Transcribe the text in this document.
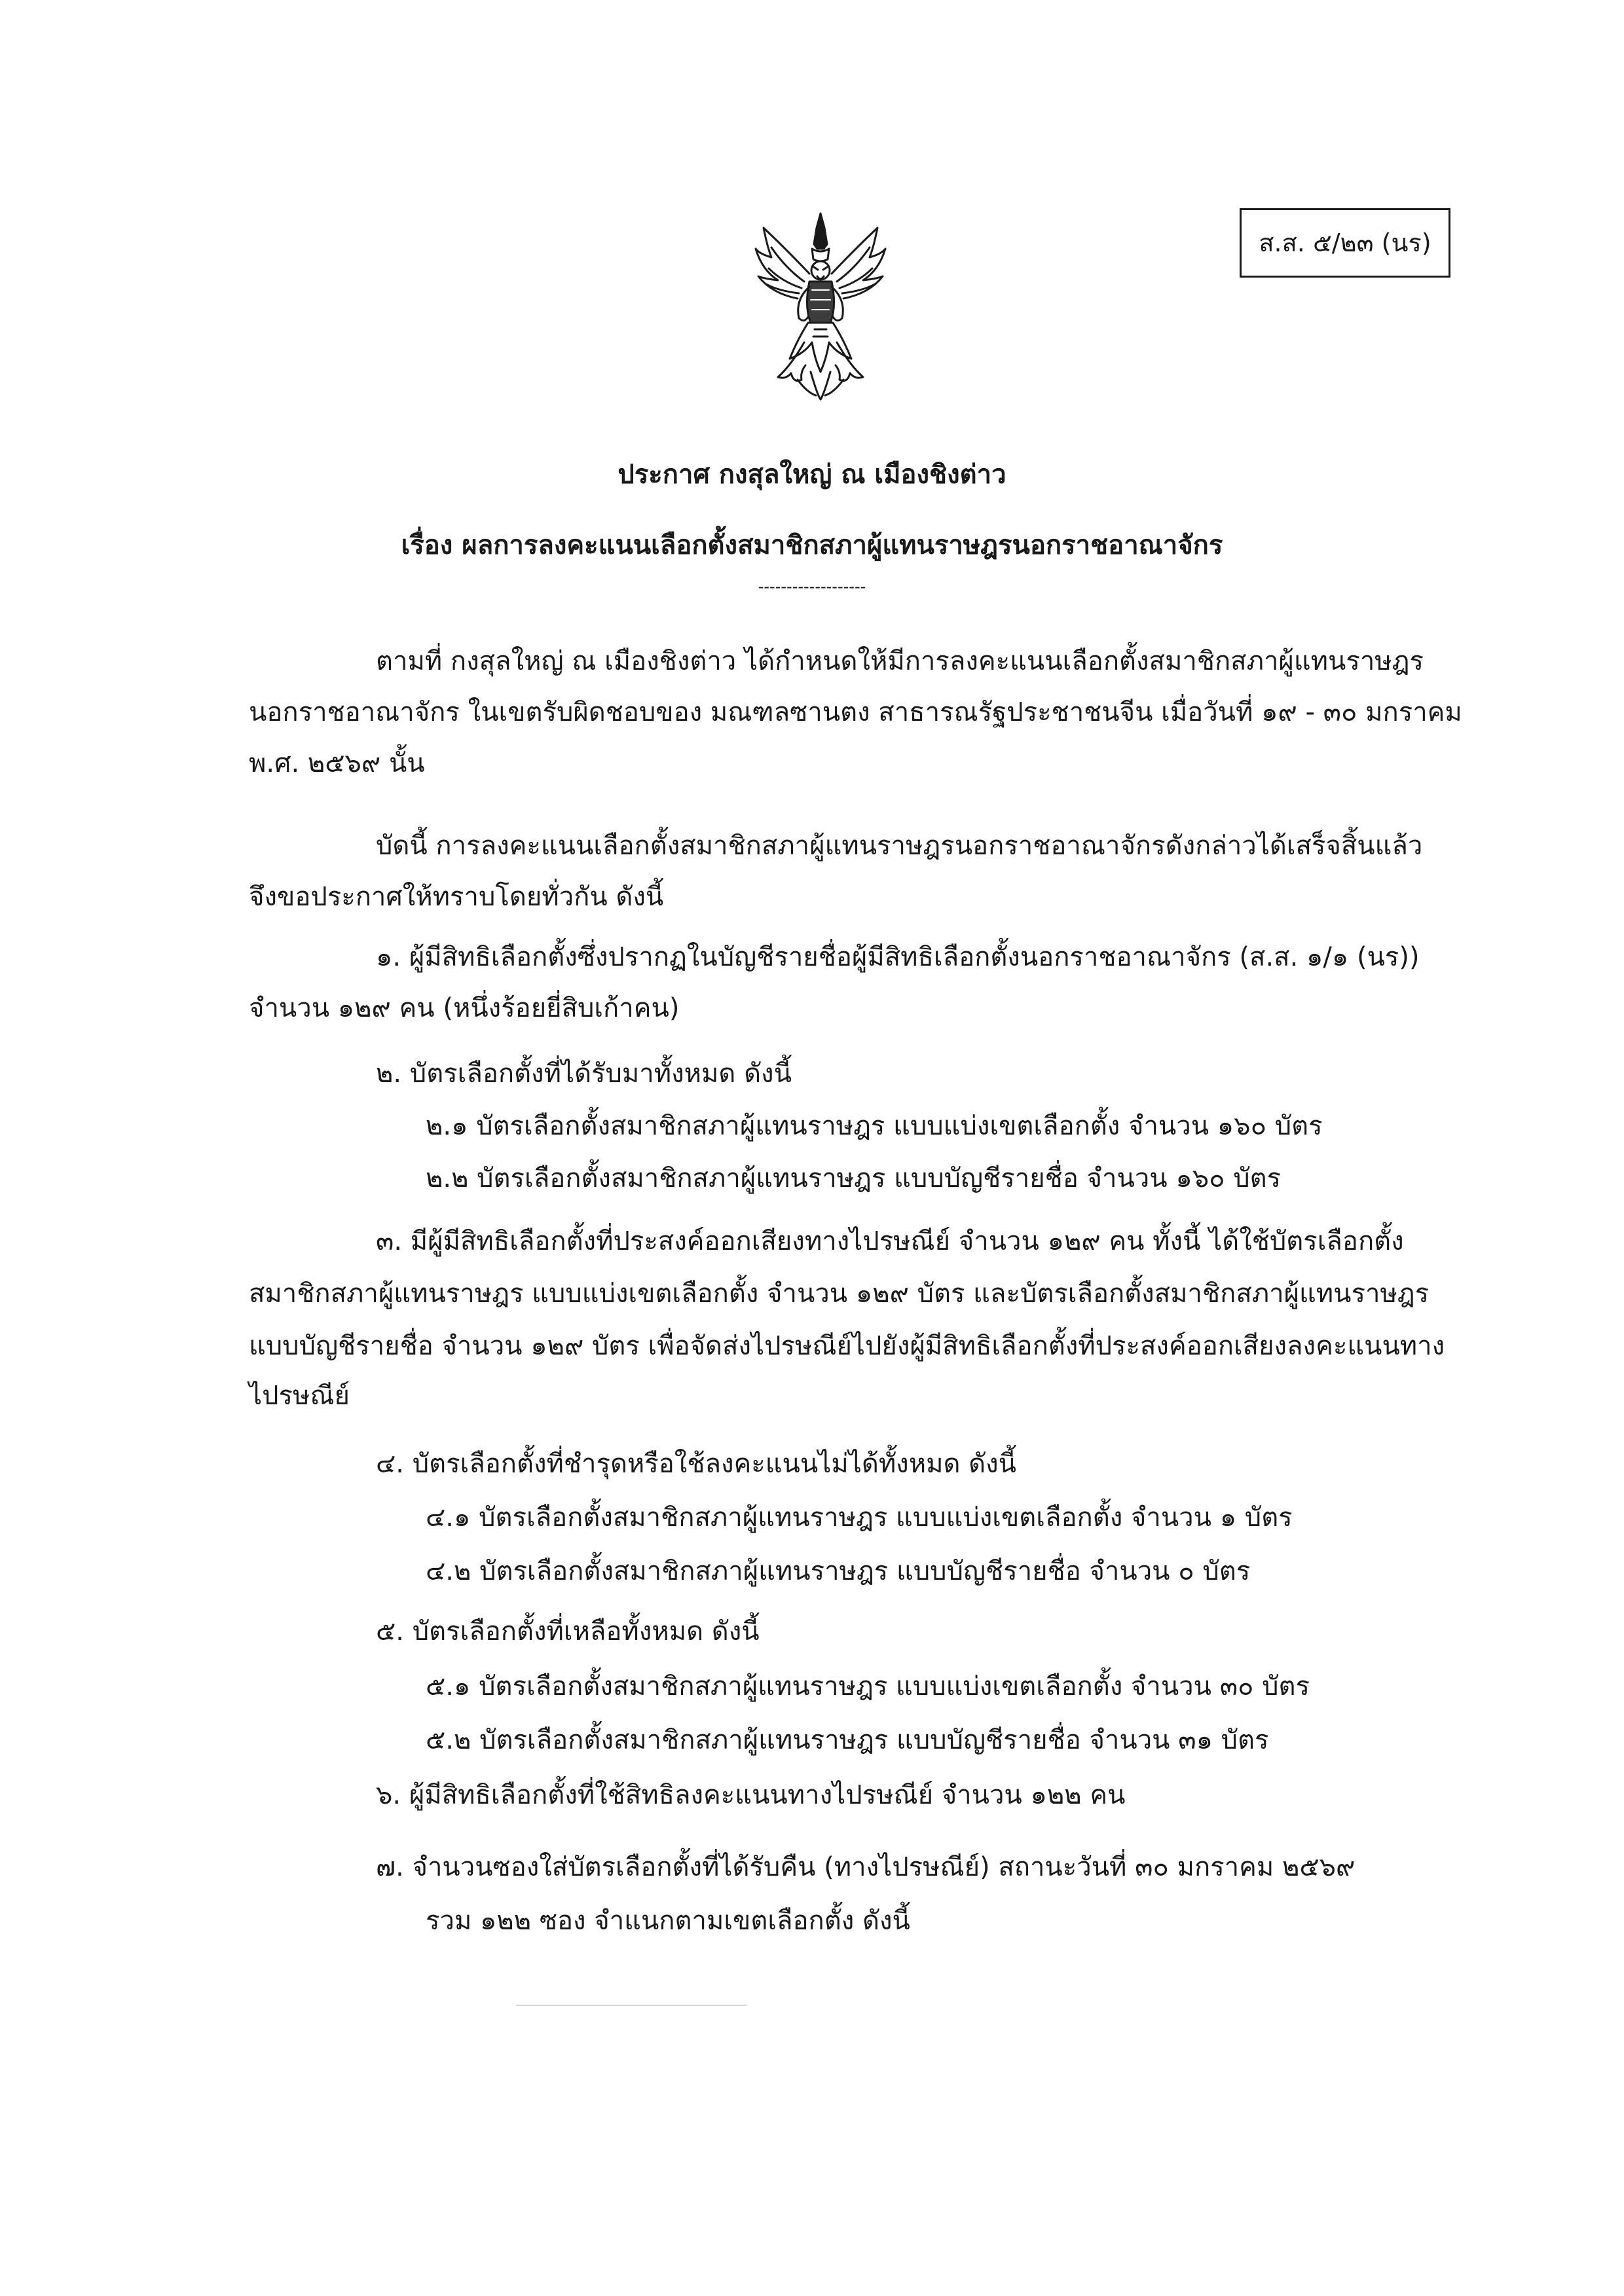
ส.ส. ๕/๒๓ (นร)
ประกาศ กงสุลใหญ่ ณ เมืองชิงต่าว
เรื่อง ผลการลงคะแนนเลือกตั้งสมาชิกสภาผู้แทนราษฎรนอกราชอาณาจักร
-------------------
ตามที่ กงสุลใหญ่ ณ เมืองชิงต่าว ได้กำหนดให้มีการลงคะแนนเลือกตั้งสมาชิกสภาผู้แทนราษฎร
นอกราชอาณาจักร ในเขตรับผิดชอบของ มณฑลซานตง สาธารณรัฐประชาชนจีน เมื่อวันที่ ๑๙ - ๓๐ มกราคม
พ.ศ. ๒๕๖๙ นั้น
บัดนี้ การลงคะแนนเลือกตั้งสมาชิกสภาผู้แทนราษฎรนอกราชอาณาจักรดังกล่าวได้เสร็จสิ้นแล้ว
จึงขอประกาศให้ทราบโดยทั่วกัน ดังนี้
๑. ผู้มีสิทธิเลือกตั้งซึ่งปรากฏในบัญชีรายชื่อผู้มีสิทธิเลือกตั้งนอกราชอาณาจักร (ส.ส. ๑/๑ (นร))
จำนวน ๑๒๙ คน (หนึ่งร้อยยี่สิบเก้าคน)
๒. บัตรเลือกตั้งที่ได้รับมาทั้งหมด ดังนี้
๒.๑ บัตรเลือกตั้งสมาชิกสภาผู้แทนราษฎร แบบแบ่งเขตเลือกตั้ง จำนวน ๑๖๐ บัตร
๒.๒ บัตรเลือกตั้งสมาชิกสภาผู้แทนราษฎร แบบบัญชีรายชื่อ จำนวน ๑๖๐ บัตร
๓. มีผู้มีสิทธิเลือกตั้งที่ประสงค์ออกเสียงทางไปรษณีย์ จำนวน ๑๒๙ คน ทั้งนี้ ได้ใช้บัตรเลือกตั้ง
สมาชิกสภาผู้แทนราษฎร แบบแบ่งเขตเลือกตั้ง จำนวน ๑๒๙ บัตร และบัตรเลือกตั้งสมาชิกสภาผู้แทนราษฎร
แบบบัญชีรายชื่อ จำนวน ๑๒๙ บัตร เพื่อจัดส่งไปรษณีย์ไปยังผู้มีสิทธิเลือกตั้งที่ประสงค์ออกเสียงลงคะแนนทาง
ไปรษณีย์
๔. บัตรเลือกตั้งที่ชำรุดหรือใช้ลงคะแนนไม่ได้ทั้งหมด ดังนี้
๔.๑ บัตรเลือกตั้งสมาชิกสภาผู้แทนราษฎร แบบแบ่งเขตเลือกตั้ง จำนวน ๑ บัตร
๔.๒ บัตรเลือกตั้งสมาชิกสภาผู้แทนราษฎร แบบบัญชีรายชื่อ จำนวน ๐ บัตร
๕. บัตรเลือกตั้งที่เหลือทั้งหมด ดังนี้
๕.๑ บัตรเลือกตั้งสมาชิกสภาผู้แทนราษฎร แบบแบ่งเขตเลือกตั้ง จำนวน ๓๐ บัตร
๕.๒ บัตรเลือกตั้งสมาชิกสภาผู้แทนราษฎร แบบบัญชีรายชื่อ จำนวน ๓๑ บัตร
๖. ผู้มีสิทธิเลือกตั้งที่ใช้สิทธิลงคะแนนทางไปรษณีย์ จำนวน ๑๒๒ คน
๗. จำนวนซองใส่บัตรเลือกตั้งที่ได้รับคืน (ทางไปรษณีย์) สถานะวันที่ ๓๐ มกราคม ๒๕๖๙
รวม ๑๒๒ ซอง จำแนกตามเขตเลือกตั้ง ดังนี้
